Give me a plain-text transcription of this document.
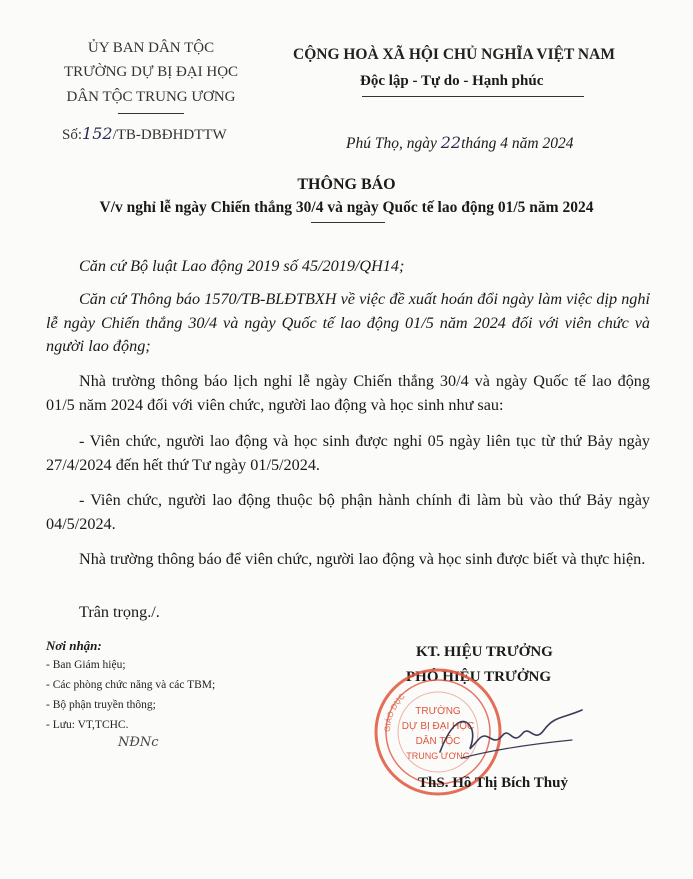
ỦY BAN DÂN TỘC
TRƯỜNG DỰ BỊ ĐẠI HỌC
DÂN TỘC TRUNG ƯƠNG
Số:152/TB-DBĐHDTTW
CỘNG HOÀ XÃ HỘI CHỦ NGHĨA VIỆT NAM
Độc lập - Tự do - Hạnh phúc
Phú Thọ, ngày 22tháng 4 năm 2024
THÔNG BÁO
V/v nghỉ lễ ngày Chiến thắng 30/4 và ngày Quốc tế lao động 01/5 năm 2024
Căn cứ Bộ luật Lao động 2019 số 45/2019/QH14;
Căn cứ Thông báo 1570/TB-BLĐTBXH về việc đề xuất hoán đổi ngày làm việc dịp nghỉ lễ ngày Chiến thắng 30/4 và ngày Quốc tế lao động 01/5 năm 2024 đối với viên chức và người lao động;
Nhà trường thông báo lịch nghỉ lễ ngày Chiến thắng 30/4 và ngày Quốc tế lao động 01/5 năm 2024 đối với viên chức, người lao động và học sinh như sau:
- Viên chức, người lao động và học sinh được nghỉ 05 ngày liên tục từ thứ Bảy ngày 27/4/2024 đến hết thứ Tư ngày 01/5/2024.
- Viên chức, người lao động thuộc bộ phận hành chính đi làm bù vào thứ Bảy ngày 04/5/2024.
Nhà trường thông báo để viên chức, người lao động và học sinh được biết và thực hiện.
Trân trọng./.
Nơi nhận:
- Ban Giám hiệu;
- Các phòng chức năng và các TBM;
- Bộ phận truyền thông;
- Lưu: VT,TCHC.
NĐNc
KT. HIỆU TRƯỞNG
PHÓ HIỆU TRƯỞNG
GIÁO DỤC
TRƯỜNG
DỰ BỊ ĐẠI HỌC
DÂN TỘC
TRUNG ƯƠNG
ThS. Hồ Thị Bích Thuỷ
